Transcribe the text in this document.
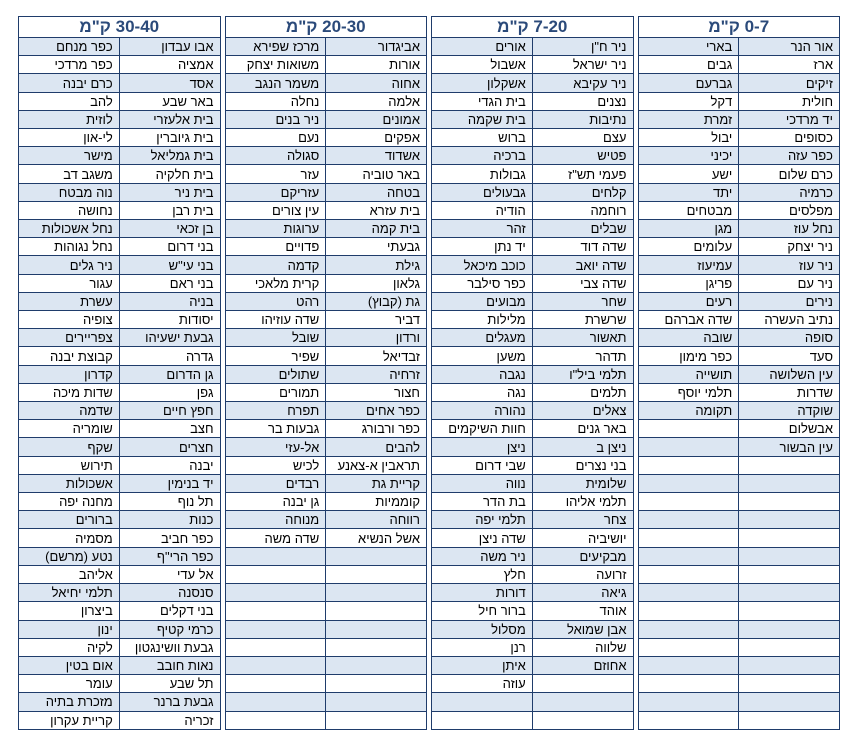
0-7 ק"מ			7-20 ק"מ			20-30 ק"מ			30-40 ק"מ	
אור הנר	בארי		ניר ח"ן	אורים		אביגדור	מרכז שפירא		אבו עבדון	כפר מנחם
ארז	גבים		ניר ישראל	אשבול		אורות	משואות יצחק		אמציה	כפר מרדכי
זיקים	גברעם		ניר עקיבא	אשקלון		אחוה	משמר הנגב		אסד	כרם יבנה
חולית	דקל		נצנים	בית הגדי		אלמה	נחלה		באר שבע	להב
יד מרדכי	זמרת		נתיבות	בית שקמה		אמונים	ניר בנים		בית אלעזרי	לוזית
כסופים	יבול		עצם	ברוש		אפקים	נעם		בית גיוברין	לי-און
כפר עזה	יכיני		פטיש	ברכיה		אשדוד	סגולה		בית גמליאל	מישר
כרם שלום	ישע		פעמי תש"ז	גבולות		באר טוביה	עזר		בית חלקיה	משגב דב
כרמיה	יתד		קלחים	גבעולים		בטחה	עזריקם		בית ניר	נוה מבטח
מפלסים	מבטחים		רוחמה	הודיה		בית עזרא	עין צורים		בית רבן	נחושה
נחל עוז	מגן		שבלים	זהר		בית קמה	ערוגות		בן זכאי	נחל אשכולות
ניר יצחק	עלומים		שדה דוד	יד נתן		גבעתי	פדויים		בני דרום	נחל נגוהות
ניר עוז	עמיעוז		שדה יואב	כוכב מיכאל		גילת	קדמה		בני עי"ש	ניר גלים
ניר עם	פריגן		שדה צבי	כפר סילבר		גלאון	קרית מלאכי		בני ראם	עגור
נירים	רעים		שחר	מבועים		גת (קבוץ)	רהט		בניה	עשרת
נתיב העשרה	שדה אברהם		שרשרת	מלילות		דביר	שדה עוזיהו		יסודות	צופיה
סופה	שובה		תאשור	מעגלים		ורדון	שובל		גבעת ישעיהו	צפריירים
סעד	כפר מימון		תדהר	משען		זבדיאל	שפיר		גדרה	קבוצת יבנה
עין השלושה	תושייה		תלמי ביל"ו	נגבה		זרחיה	שתולים		גן הדרום	קדרון
שדרות	תלמי יוסף		תלמים	נגה		חצור	תמורים		גפן	שדות מיכה
שוקדה	תקומה		צאלים	נהורה		כפר אחים	תפרח		חפץ חיים	שדמה
אבשלום			באר גנים	חוות השיקמים		כפר ורבורג	גבעות בר		חצב	שומריה
עין הבשור			ניצן ב	ניצן		להבים	אל-עזי		חצרים	שקף
			בני נצרים	שבי דרום		תראבין א-צאנע	לכיש		יבנה	תירוש
			שלומית	נווה		קריית גת	רבדים		יד בנימין	אשכולות
			תלמי אליהו	בת הדר		קוממיות	גן יבנה		תל נוף	מחנה יפה
			צחר	תלמי יפה		רווחה	מנוחה		כנות	ברורים
			יושיביה	שדה ניצן		אשל הנשיא	שדה משה		כפר חביב	מסמיה
			מבקיעים	ניר משה					כפר הרי"ף	נטע (מרשם)
			זרועה	חלץ					אל עדי	אליהב
			גיאה	דורות					סנסנה	תלמי יחיאל
			אוהד	ברור חיל					בני דקלים	ביצרון
			אבן שמואל	מסלול					כרמי קטיף	ינון
			שלווה	רנן					גבעת וושינגטון	לקיה
			אחוזם	איתן					נאות חובב	אום בטין
				עוזה					תל שבע	עומר
									גבעת ברנר	מזכרת בתיה
									זכריה	קריית עקרון
